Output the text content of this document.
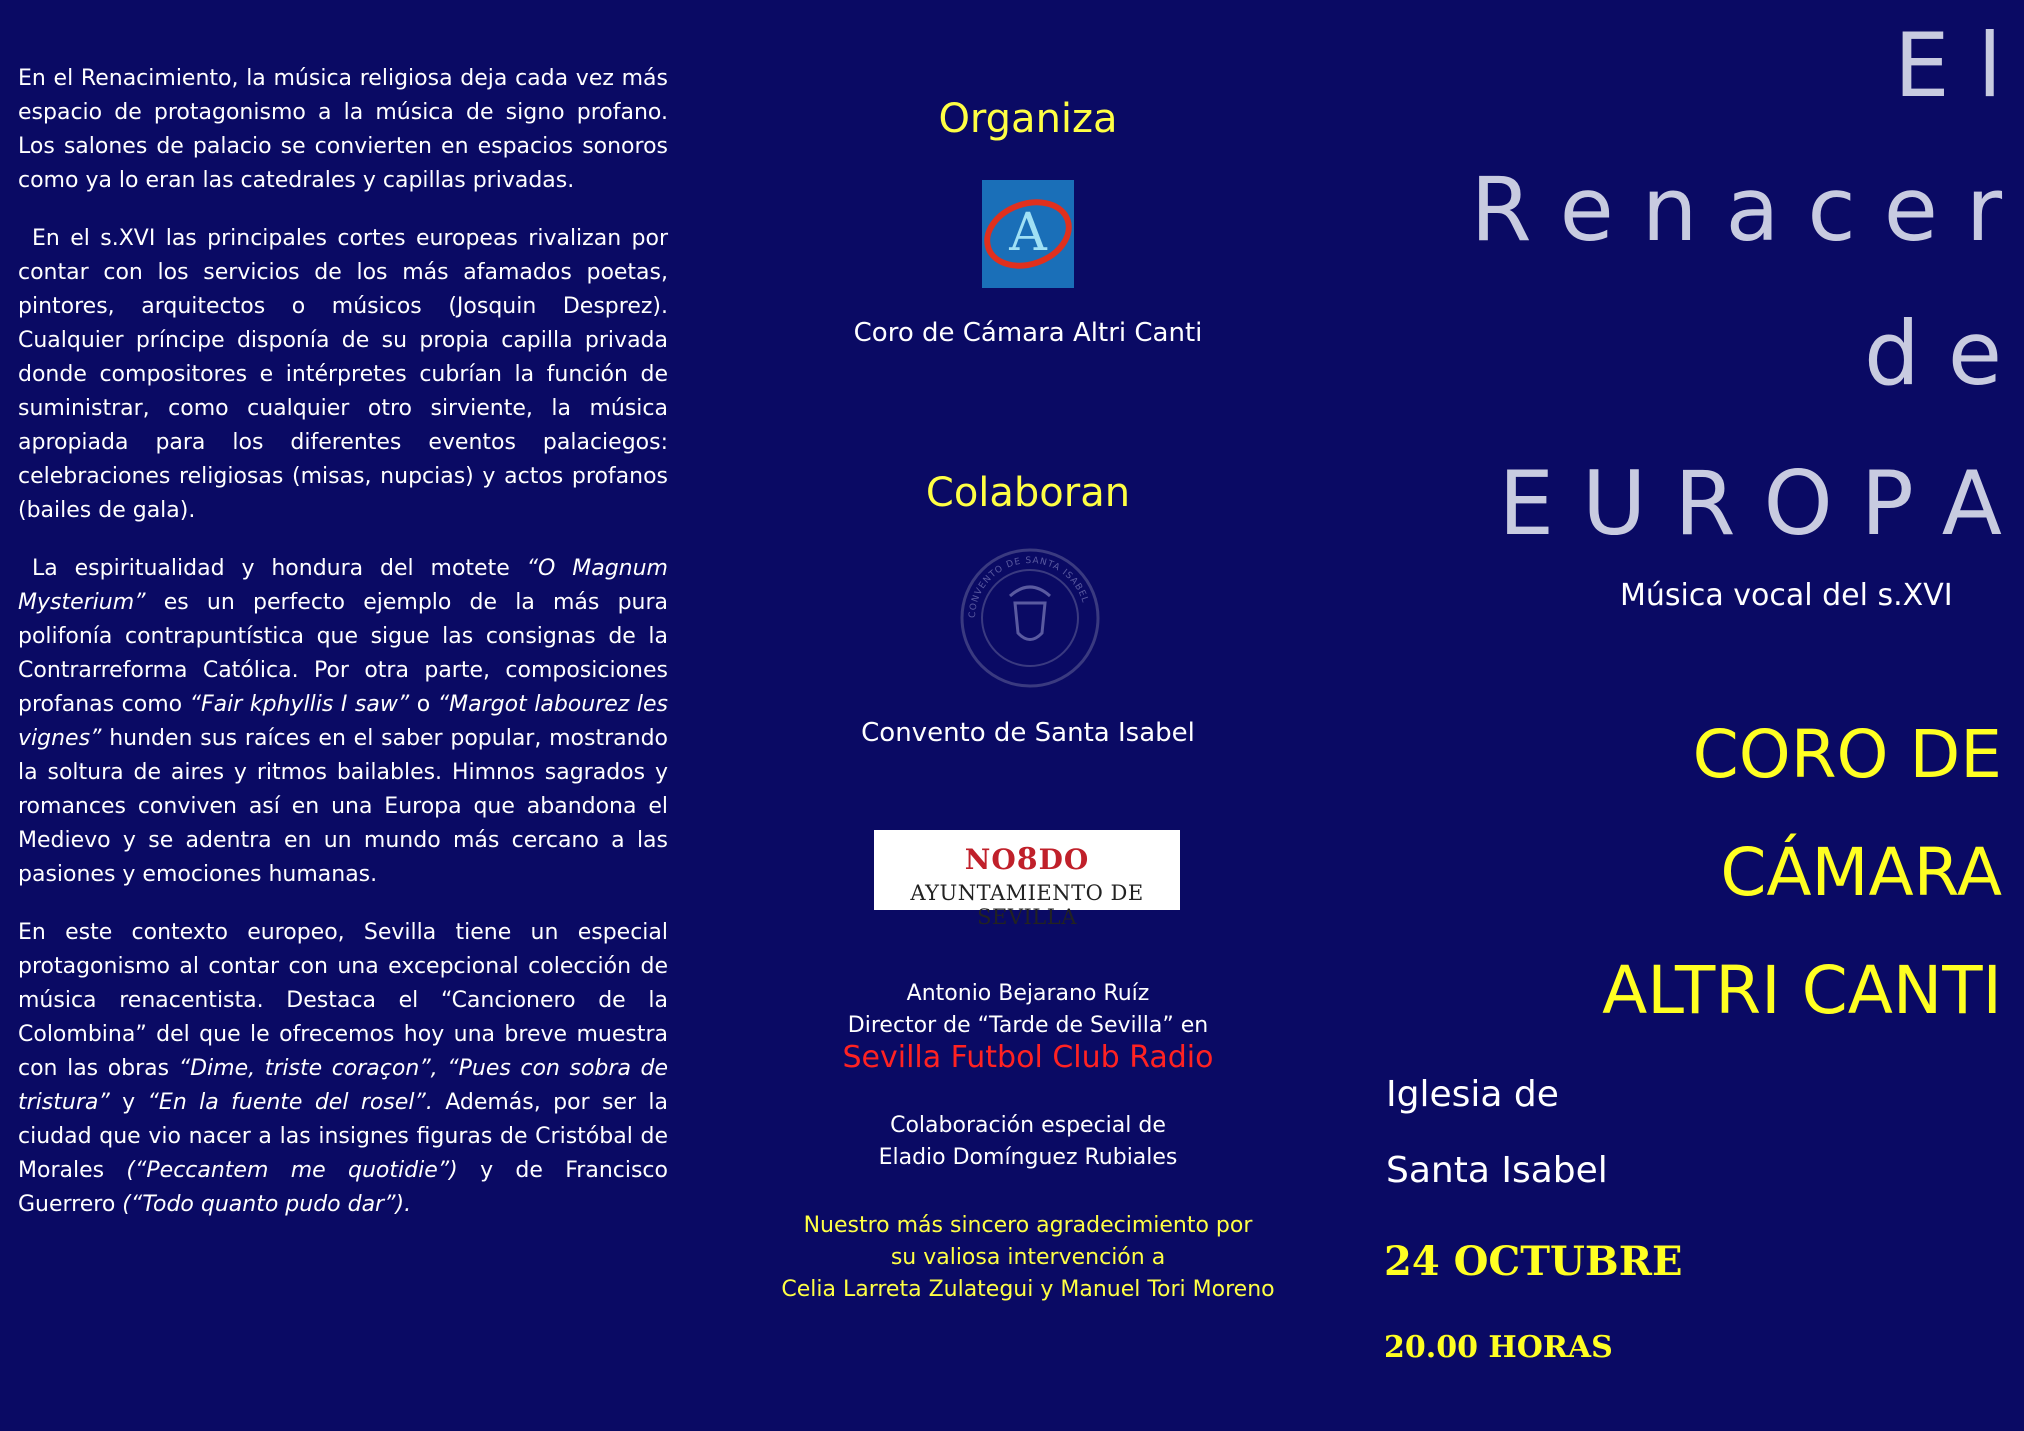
En el Renacimiento, la música religiosa deja cada vez más espacio de protagonismo a la música de signo profano. Los salones de palacio se convierten en espacios sonoros como ya lo eran las catedrales y capillas privadas.

En el s.XVI las principales cortes europeas rivalizan por contar con los servicios de los más afamados poetas, pintores, arquitectos o músicos (Josquin Desprez). Cualquier príncipe disponía de su propia capilla privada donde compositores e intérpretes cubrían la función de suministrar, como cualquier otro sirviente, la música apropiada para los diferentes eventos palaciegos: celebraciones religiosas (misas, nupcias) y actos profanos (bailes de gala).

La espiritualidad y hondura del motete “O Magnum Mysterium” es un perfecto ejemplo de la más pura polifonía contrapuntística que sigue las consignas de la Contrarreforma Católica. Por otra parte, composiciones profanas como “Fair kphyllis I saw” o “Margot labourez les vignes” hunden sus raíces en el saber popular, mostrando la soltura de aires y ritmos bailables. Himnos sagrados y romances conviven así en una Europa que abandona el Medievo y se adentra en un mundo más cercano a las pasiones y emociones humanas.

En este contexto europeo, Sevilla tiene un especial protagonismo al contar con una excepcional colección de música renacentista. Destaca el “Cancionero de la Colombina” del que le ofrecemos hoy una breve muestra con las obras “Dime, triste coraçon”, “Pues con sobra de tristura” y “En la fuente del rosel”. Además, por ser la ciudad que vio nacer a las insignes figuras de Cristóbal de Morales (“Peccantem me quotidie”) y de Francisco Guerrero (“Todo quanto pudo dar”).

Organiza
A
Coro de Cámara Altri Canti
Colaboran
CONVENTO DE SANTA ISABEL
Convento de Santa Isabel
NO8DO
AYUNTAMIENTO DE SEVILLA
Antonio Bejarano Ruíz
Director de “Tarde de Sevilla” en
Sevilla Futbol Club Radio
Colaboración especial de
Eladio Domínguez Rubiales
Nuestro más sincero agradecimiento por
su valiosa intervención a
Celia Larreta Zulategui y Manuel Tori Moreno
E l
R e n a c e r
d e
E U R O P A
Música vocal del s.XVI
CORO DE
CÁMARA
ALTRI CANTI
Iglesia de
Santa Isabel
24 OCTUBRE
20.00 HORAS
